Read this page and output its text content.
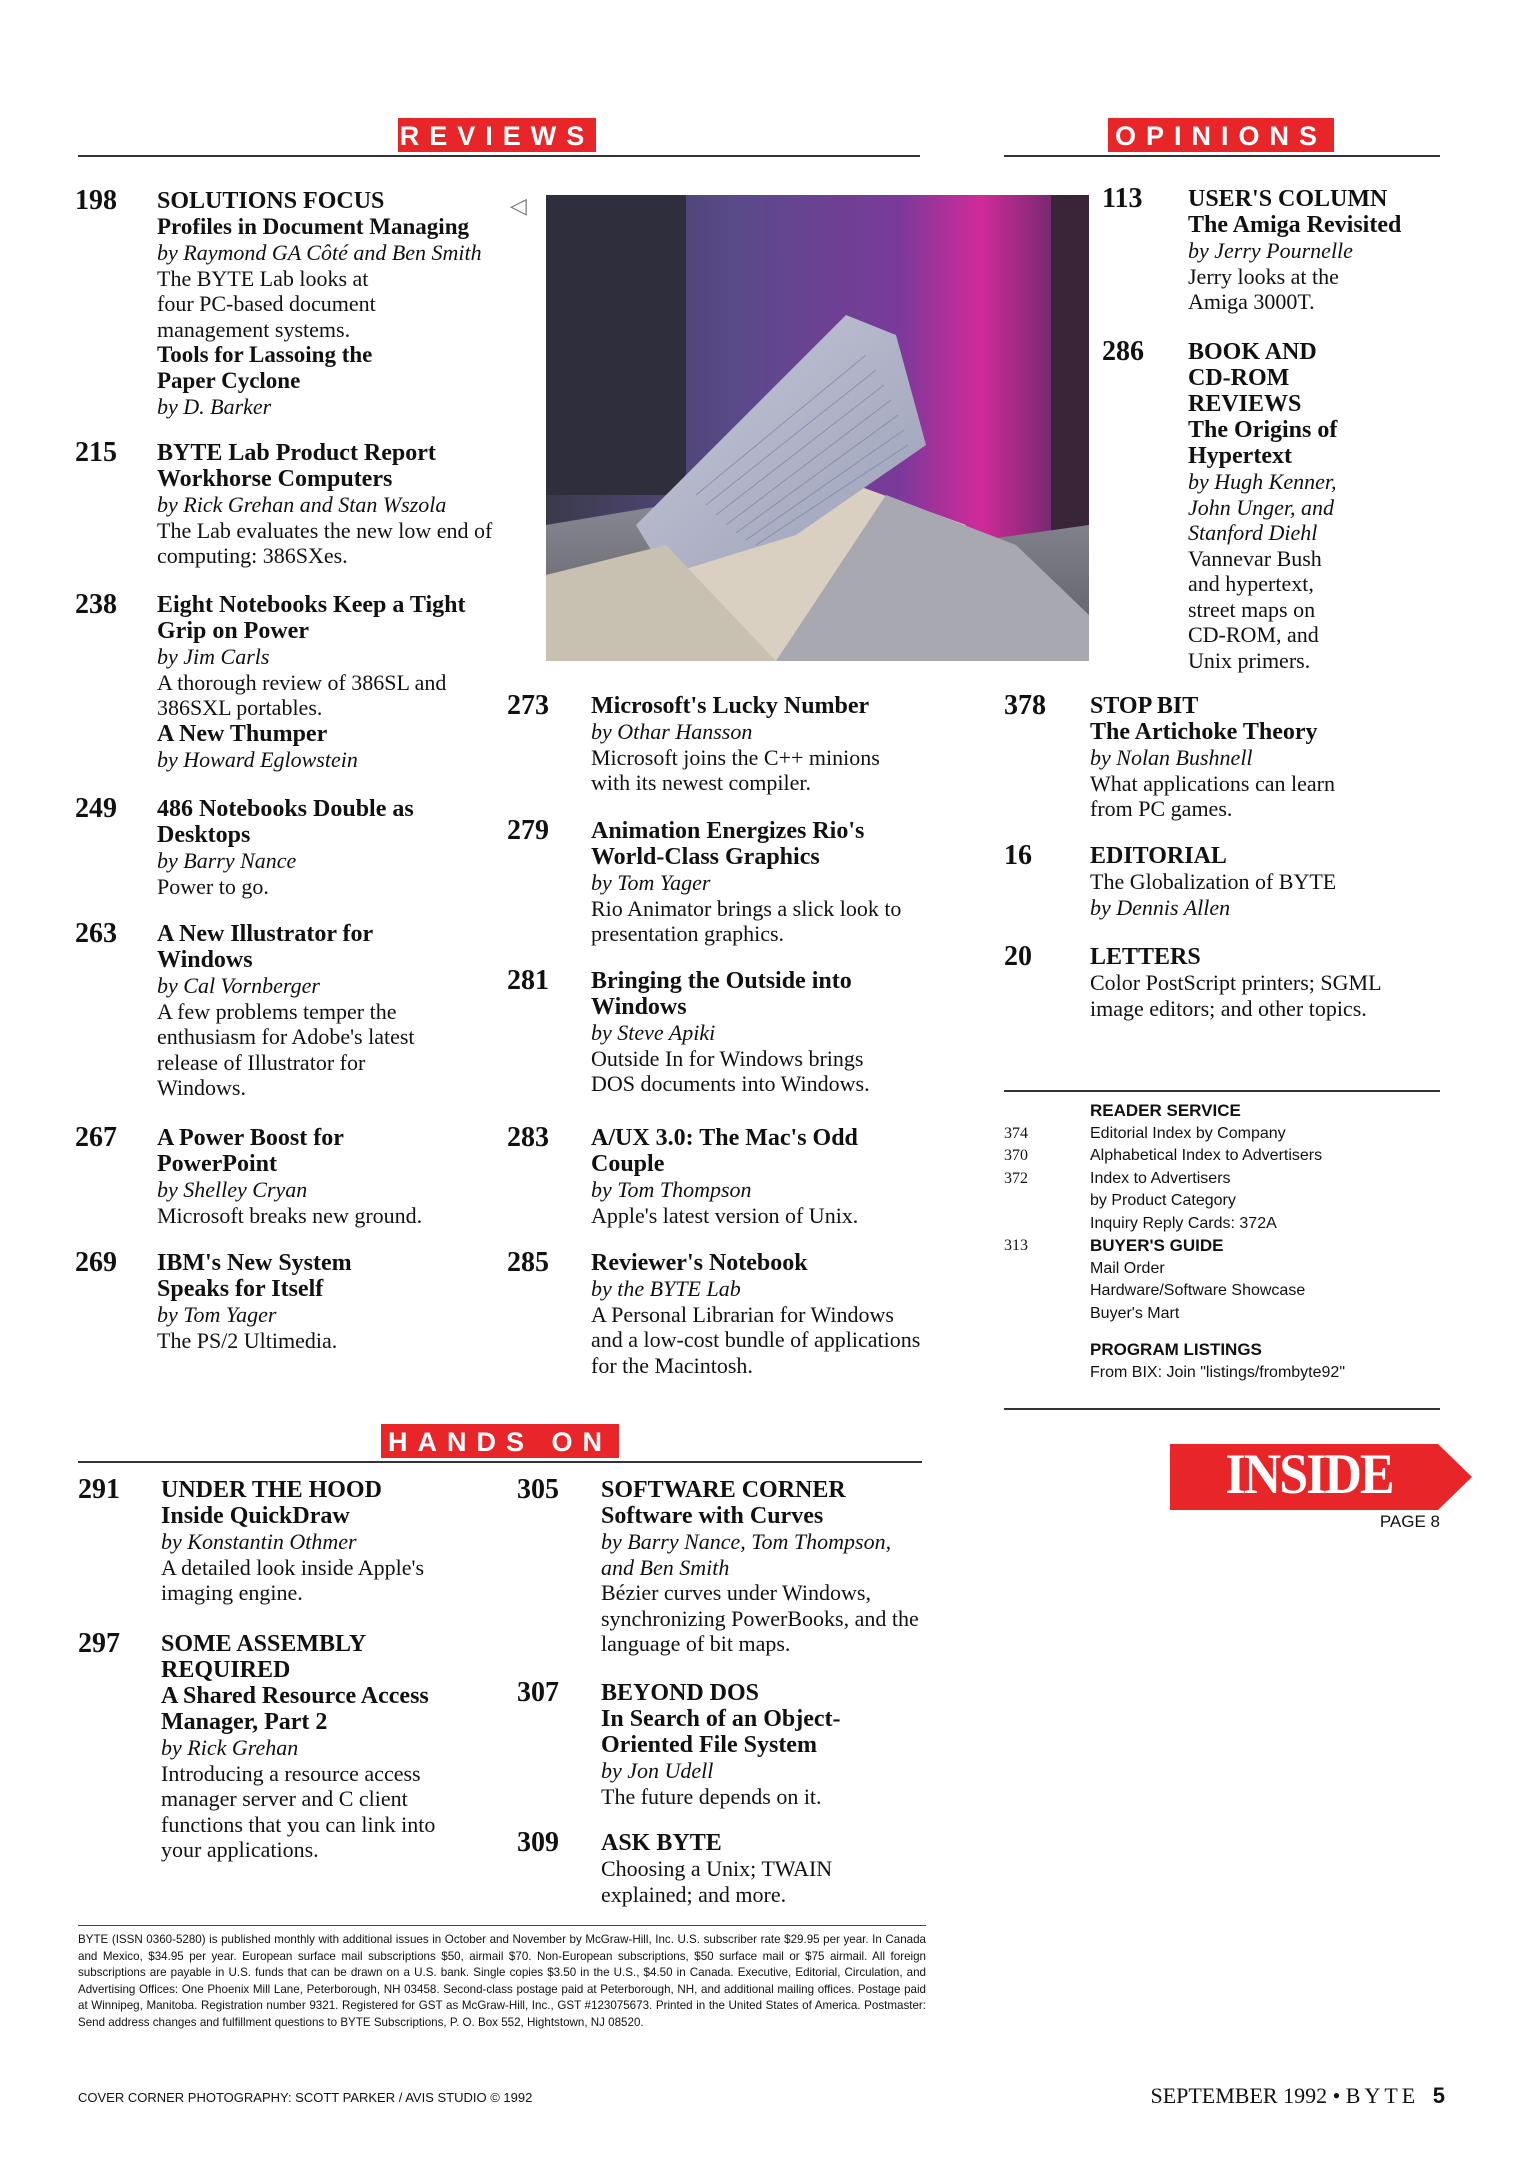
REVIEWS	OPINIONS
◁
198 SOLUTIONS FOCUS
Profiles in Document Managing
by Raymond GA Côté and Ben Smith
The BYTE Lab looks at four PC-based document management systems.
Tools for Lassoing the Paper Cyclone
by D. Barker
215 BYTE Lab Product Report
Workhorse Computers
by Rick Grehan and Stan Wszola
The Lab evaluates the new low end of computing: 386SXes.
238 Eight Notebooks Keep a Tight Grip on Power
by Jim Carls
A thorough review of 386SL and 386SXL portables.
A New Thumper
by Howard Eglowstein
249 486 Notebooks Double as Desktops
by Barry Nance
Power to go.
263 A New Illustrator for Windows
by Cal Vornberger
A few problems temper the enthusiasm for Adobe's latest release of Illustrator for Windows.
267 A Power Boost for PowerPoint
by Shelley Cryan
Microsoft breaks new ground.
269 IBM's New System Speaks for Itself
by Tom Yager
The PS/2 Ultimedia.
273 Microsoft's Lucky Number
by Othar Hansson
Microsoft joins the C++ minions with its newest compiler.
279 Animation Energizes Rio's World-Class Graphics
by Tom Yager
Rio Animator brings a slick look to presentation graphics.
281 Bringing the Outside into Windows
by Steve Apiki
Outside In for Windows brings DOS documents into Windows.
283 A/UX 3.0: The Mac's Odd Couple
by Tom Thompson
Apple's latest version of Unix.
285 Reviewer's Notebook
by the BYTE Lab
A Personal Librarian for Windows and a low-cost bundle of applications for the Macintosh.
113 USER'S COLUMN
The Amiga Revisited
by Jerry Pournelle
Jerry looks at the Amiga 3000T.
286 BOOK AND CD-ROM REVIEWS
The Origins of Hypertext
by Hugh Kenner, John Unger, and Stanford Diehl
Vannevar Bush and hypertext, street maps on CD-ROM, and Unix primers.
378 STOP BIT
The Artichoke Theory
by Nolan Bushnell
What applications can learn from PC games.
16 EDITORIAL
The Globalization of BYTE
by Dennis Allen
20 LETTERS
Color PostScript printers; SGML image editors; and other topics.
READER SERVICE
374	Editorial Index by Company
370	Alphabetical Index to Advertisers
372	Index to Advertisers
by Product Category
Inquiry Reply Cards: 372A
313	BUYER'S GUIDE
Mail Order
Hardware/Software Showcase
Buyer's Mart
PROGRAM LISTINGS
From BIX: Join "listings/frombyte92"
INSIDE BYTE PAGE 8
HANDS ON
291 UNDER THE HOOD
Inside QuickDraw
by Konstantin Othmer
A detailed look inside Apple's imaging engine.
297 SOME ASSEMBLY REQUIRED
A Shared Resource Access Manager, Part 2
by Rick Grehan
Introducing a resource access manager server and C client functions that you can link into your applications.
305 SOFTWARE CORNER
Software with Curves
by Barry Nance, Tom Thompson, and Ben Smith
Bézier curves under Windows, synchronizing PowerBooks, and the language of bit maps.
307 BEYOND DOS
In Search of an Object-Oriented File System
by Jon Udell
The future depends on it.
309 ASK BYTE
Choosing a Unix; TWAIN explained; and more.
BYTE (ISSN 0360-5280) is published monthly with additional issues in October and November by McGraw-Hill, Inc. U.S. subscriber rate $29.95 per year. In Canada and Mexico, $34.95 per year. European surface mail subscriptions $50, airmail $70. Non-European subscriptions, $50 surface mail or $75 airmail. All foreign subscriptions are payable in U.S. funds that can be drawn on a U.S. bank. Single copies $3.50 in the U.S., $4.50 in Canada. Executive, Editorial, Circulation, and Advertising Offices: One Phoenix Mill Lane, Peterborough, NH 03458. Second-class postage paid at Peterborough, NH, and additional mailing offices. Postage paid at Winnipeg, Manitoba. Registration number 9321. Registered for GST as McGraw-Hill, Inc., GST #123075673. Printed in the United States of America. Postmaster: Send address changes and fulfillment questions to BYTE Subscriptions, P. O. Box 552, Hightstown, NJ 08520.
COVER CORNER PHOTOGRAPHY: SCOTT PARKER / AVIS STUDIO © 1992	SEPTEMBER 1992 • BYTE 5
